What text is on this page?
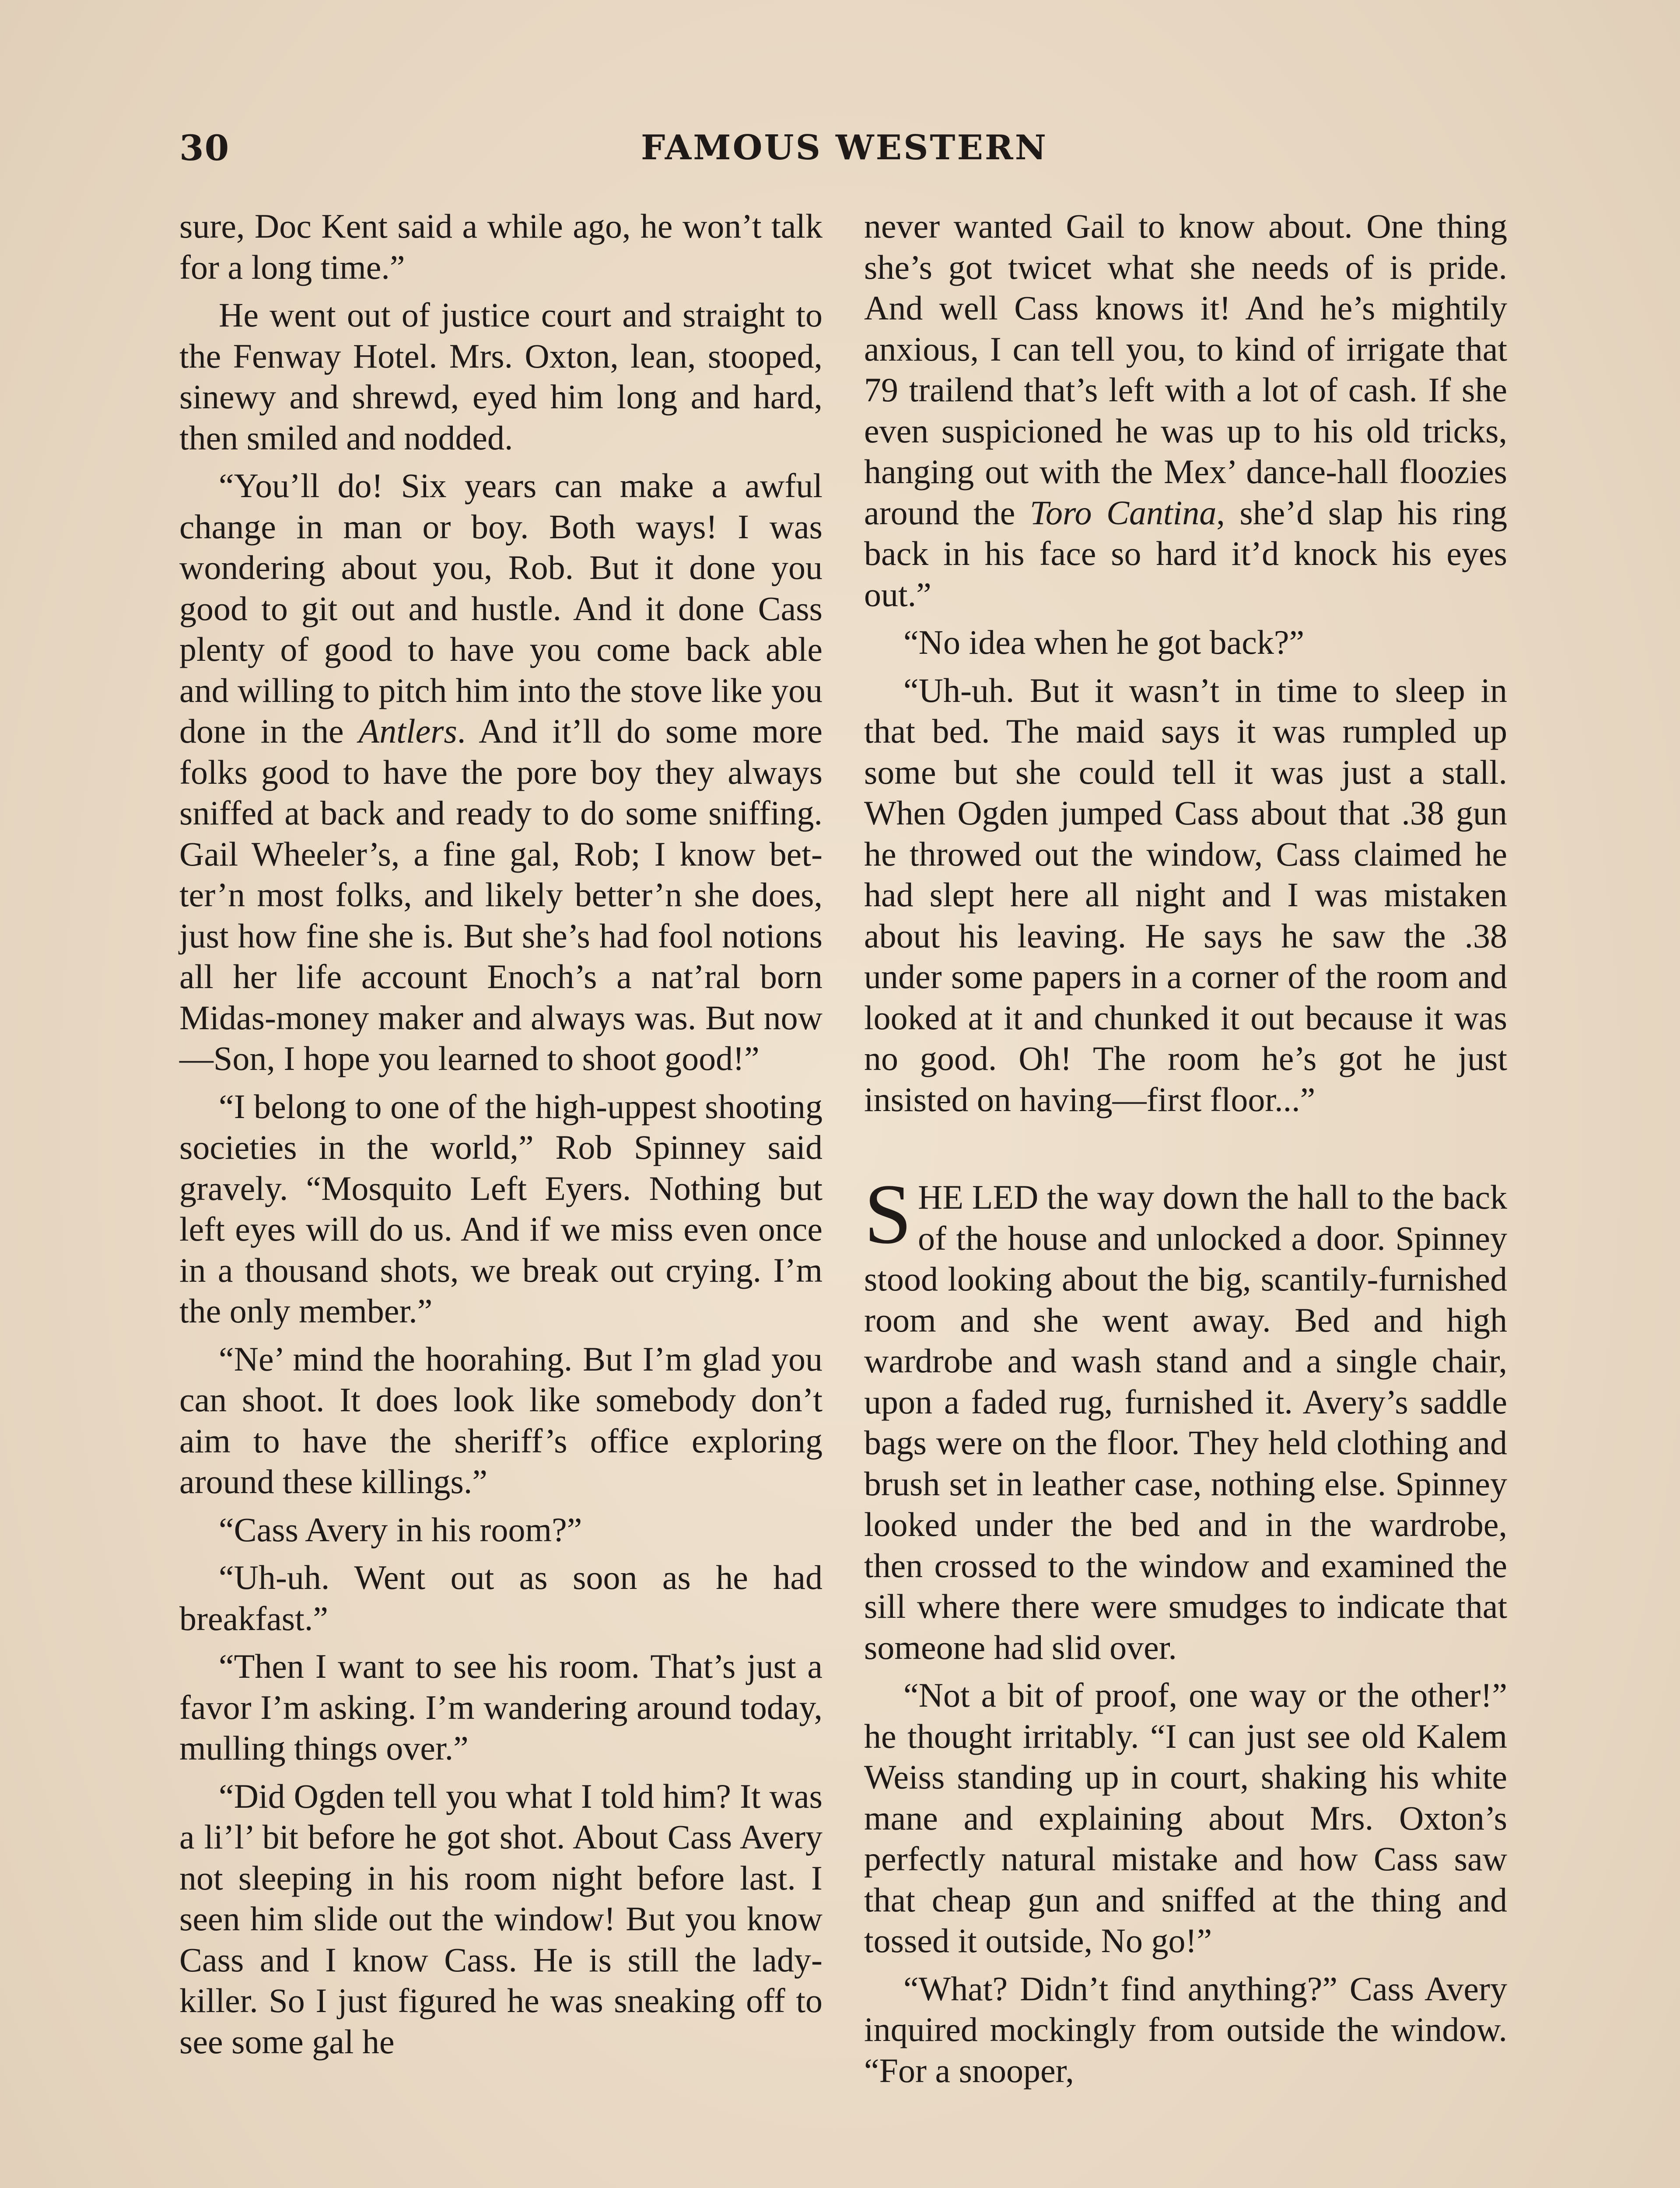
30	FAMOUS WESTERN

sure, Doc Kent said a while ago, he won’t talk for a long time.”

He went out of justice court and straight to the Fenway Hotel. Mrs. Oxton, lean, stooped, sinewy and shrewd, eyed him long and hard, then smiled and nodded.

“You’ll do! Six years can make a awful change in man or boy. Both ways! I was wondering about you, Rob. But it done you good to git out and hustle. And it done Cass plenty of good to have you come back able and willing to pitch him into the stove like you done in the Antlers. And it’ll do some more folks good to have the pore boy they always sniffed at back and ready to do some sniffing. Gail Wheeler’s, a fine gal, Rob; I know better’n most folks, and likely better’n she does, just how fine she is. But she’s had fool notions all her life account Enoch’s a nat’ral born Midas-money maker and always was. But now—Son, I hope you learned to shoot good!”

“I belong to one of the high-uppest shooting societies in the world,” Rob Spinney said gravely. “Mosquito Left Eyers. Nothing but left eyes will do us. And if we miss even once in a thousand shots, we break out crying. I’m the only member.”

“Ne’ mind the hoorahing. But I’m glad you can shoot. It does look like somebody don’t aim to have the sheriff’s office exploring around these killings.”

“Cass Avery in his room?”

“Uh-uh. Went out as soon as he had breakfast.”

“Then I want to see his room. That’s just a favor I’m asking. I’m wandering around today, mulling things over.”

“Did Ogden tell you what I told him? It was a li’l’ bit before he got shot. About Cass Avery not sleeping in his room night before last. I seen him slide out the window! But you know Cass and I know Cass. He is still the lady-killer. So I just figured he was sneaking off to see some gal he

never wanted Gail to know about. One thing she’s got twicet what she needs of is pride. And well Cass knows it! And he’s mightily anxious, I can tell you, to kind of irrigate that 79 trailend that’s left with a lot of cash. If she even suspicioned he was up to his old tricks, hanging out with the Mex’ dance-hall floozies around the Toro Cantina, she’d slap his ring back in his face so hard it’d knock his eyes out.”

“No idea when he got back?”

“Uh-uh. But it wasn’t in time to sleep in that bed. The maid says it was rumpled up some but she could tell it was just a stall. When Ogden jumped Cass about that .38 gun he throwed out the window, Cass claimed he had slept here all night and I was mistaken about his leaving. He says he saw the .38 under some papers in a corner of the room and looked at it and chunked it out because it was no good. Oh! The room he’s got he just insisted on having—first floor...”

SHE LED the way down the hall to the back of the house and unlocked a door. Spinney stood looking about the big, scantily-furnished room and she went away. Bed and high wardrobe and wash stand and a single chair, upon a faded rug, furnished it. Avery’s saddle bags were on the floor. They held clothing and brush set in leather case, nothing else. Spinney looked under the bed and in the wardrobe, then crossed to the window and examined the sill where there were smudges to indicate that someone had slid over.

“Not a bit of proof, one way or the other!” he thought irritably. “I can just see old Kalem Weiss standing up in court, shaking his white mane and explaining about Mrs. Oxton’s perfectly natural mistake and how Cass saw that cheap gun and sniffed at the thing and tossed it outside, No go!”

“What? Didn’t find anything?” Cass Avery inquired mockingly from outside the window. “For a snooper,
